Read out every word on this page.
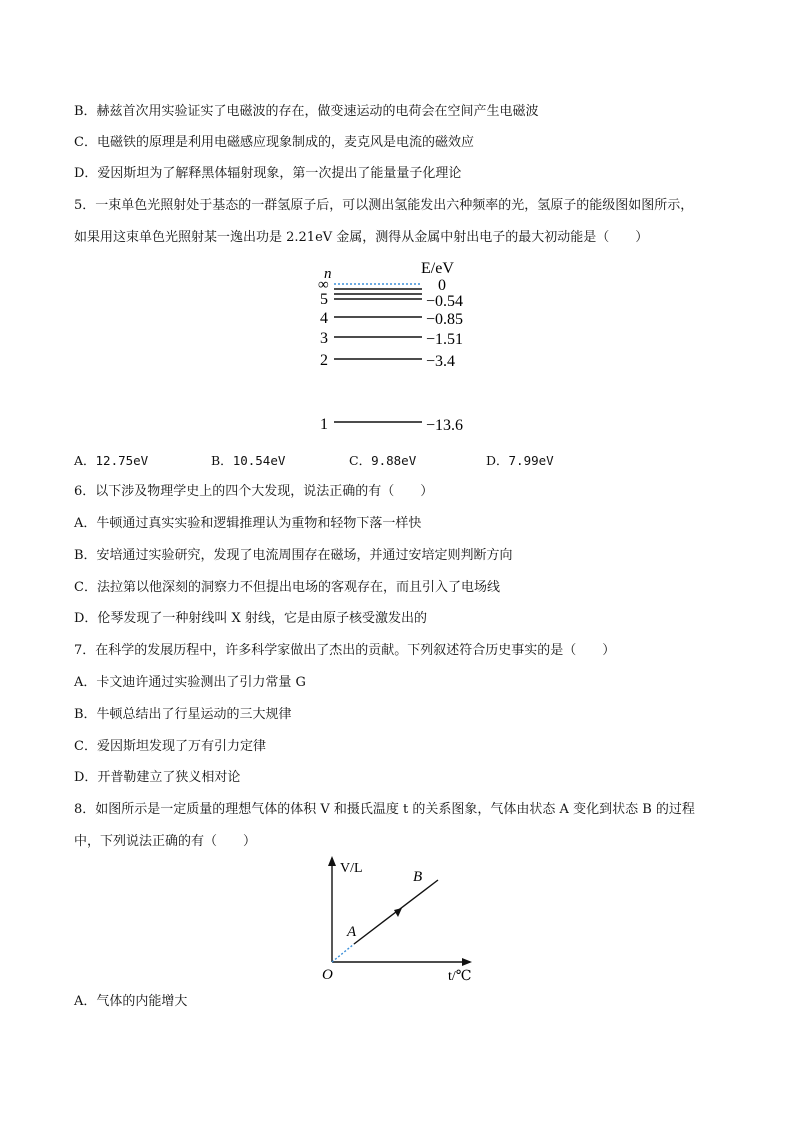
B．赫兹首次用实验证实了电磁波的存在，做变速运动的电荷会在空间产生电磁波
C．电磁铁的原理是利用电磁感应现象制成的，麦克风是电流的磁效应
D．爱因斯坦为了解释黑体辐射现象，第一次提出了能量量子化理论
5．一束单色光照射处于基态的一群氢原子后，可以测出氢能发出六种频率的光，氢原子的能级图如图所示，
如果用这束单色光照射某一逸出功是 2.21eV 金属，测得从金属中射出电子的最大初动能是（　　）
n	E/eV
∞	0
5	−0.54
4	−0.85
3	−1.51
2	−3.4
1	−13.6
A．12.75eV	B．10.54eV	C．9.88eV	D．7.99eV
6．以下涉及物理学史上的四个大发现，说法正确的有（　　）
A．牛顿通过真实实验和逻辑推理认为重物和轻物下落一样快
B．安培通过实验研究，发现了电流周围存在磁场，并通过安培定则判断方向
C．法拉第以他深刻的洞察力不但提出电场的客观存在，而且引入了电场线
D．伦琴发现了一种射线叫 X 射线，它是由原子核受激发出的
7．在科学的发展历程中，许多科学家做出了杰出的贡献。下列叙述符合历史事实的是（　　）
A．卡文迪许通过实验测出了引力常量 G
B．牛顿总结出了行星运动的三大规律
C．爱因斯坦发现了万有引力定律
D．开普勒建立了狭义相对论
8．如图所示是一定质量的理想气体的体积 V 和摄氏温度 t 的关系图象，气体由状态 A 变化到状态 B 的过程
中，下列说法正确的有（　　）
V/L
t/℃
O
A
B
A．气体的内能增大
